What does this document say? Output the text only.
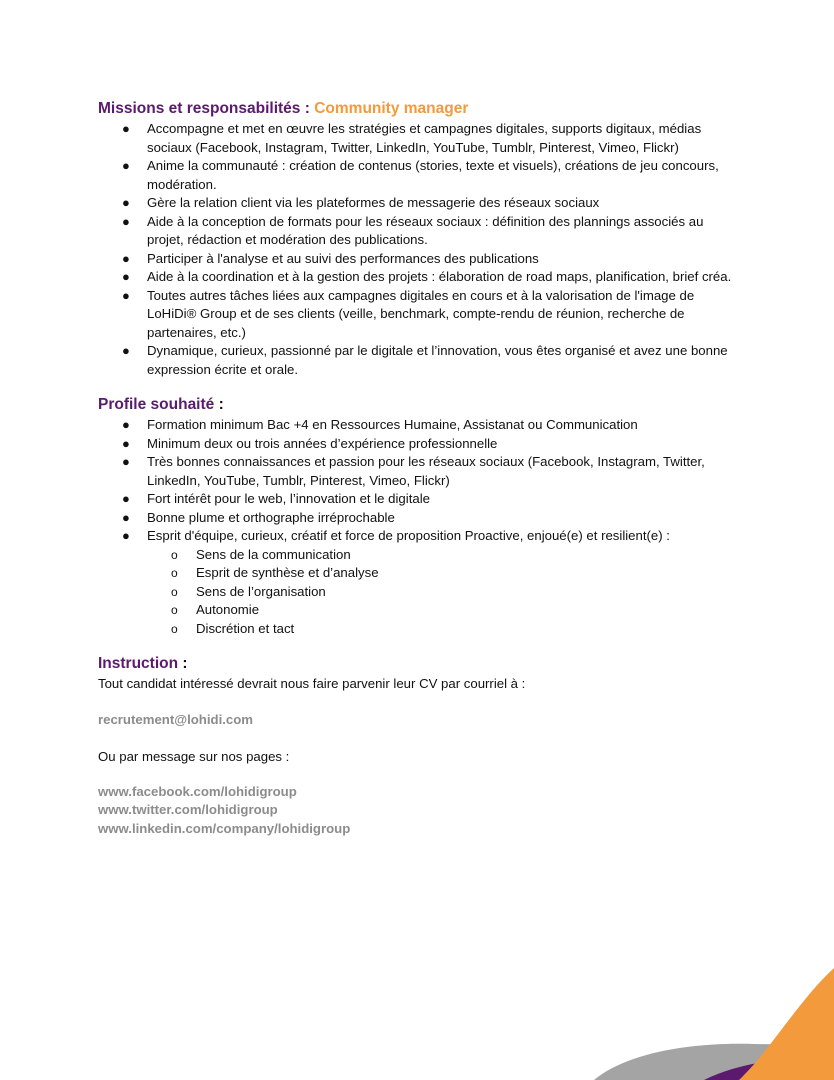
Missions et responsabilités : Community manager
● Accompagne et met en œuvre les stratégies et campagnes digitales, supports digitaux, médias sociaux (Facebook, Instagram, Twitter, LinkedIn, YouTube, Tumblr, Pinterest, Vimeo, Flickr)
● Anime la communauté : création de contenus (stories, texte et visuels), créations de jeu concours, modération.
● Gère la relation client via les plateformes de messagerie des réseaux sociaux
● Aide à la conception de formats pour les réseaux sociaux : définition des plannings associés au projet, rédaction et modération des publications.
● Participer à l'analyse et au suivi des performances des publications
● Aide à la coordination et à la gestion des projets : élaboration de road maps, planification, brief créa.
● Toutes autres tâches liées aux campagnes digitales en cours et à la valorisation de l'image de LoHiDi® Group et de ses clients (veille, benchmark, compte-rendu de réunion, recherche de partenaires, etc.)
● Dynamique, curieux, passionné par le digitale et l’innovation, vous êtes organisé et avez une bonne expression écrite et orale.
Profile souhaité :
● Formation minimum Bac +4 en Ressources Humaine, Assistanat ou Communication
● Minimum deux ou trois années d’expérience professionnelle
● Très bonnes connaissances et passion pour les réseaux sociaux (Facebook, Instagram, Twitter, LinkedIn, YouTube, Tumblr, Pinterest, Vimeo, Flickr)
● Fort intérêt pour le web, l’innovation et le digitale
● Bonne plume et orthographe irréprochable
● Esprit d'équipe, curieux, créatif et force de proposition Proactive, enjoué(e) et resilient(e) :
o Sens de la communication
o Esprit de synthèse et d’analyse
o Sens de l’organisation
o Autonomie
o Discrétion et tact
Instruction :

Tout candidat intéressé devrait nous faire parvenir leur CV par courriel à :

recrutement@lohidi.com

Ou par message sur nos pages :

www.facebook.com/lohidigroup

www.twitter.com/lohidigroup

www.linkedin.com/company/lohidigroup
